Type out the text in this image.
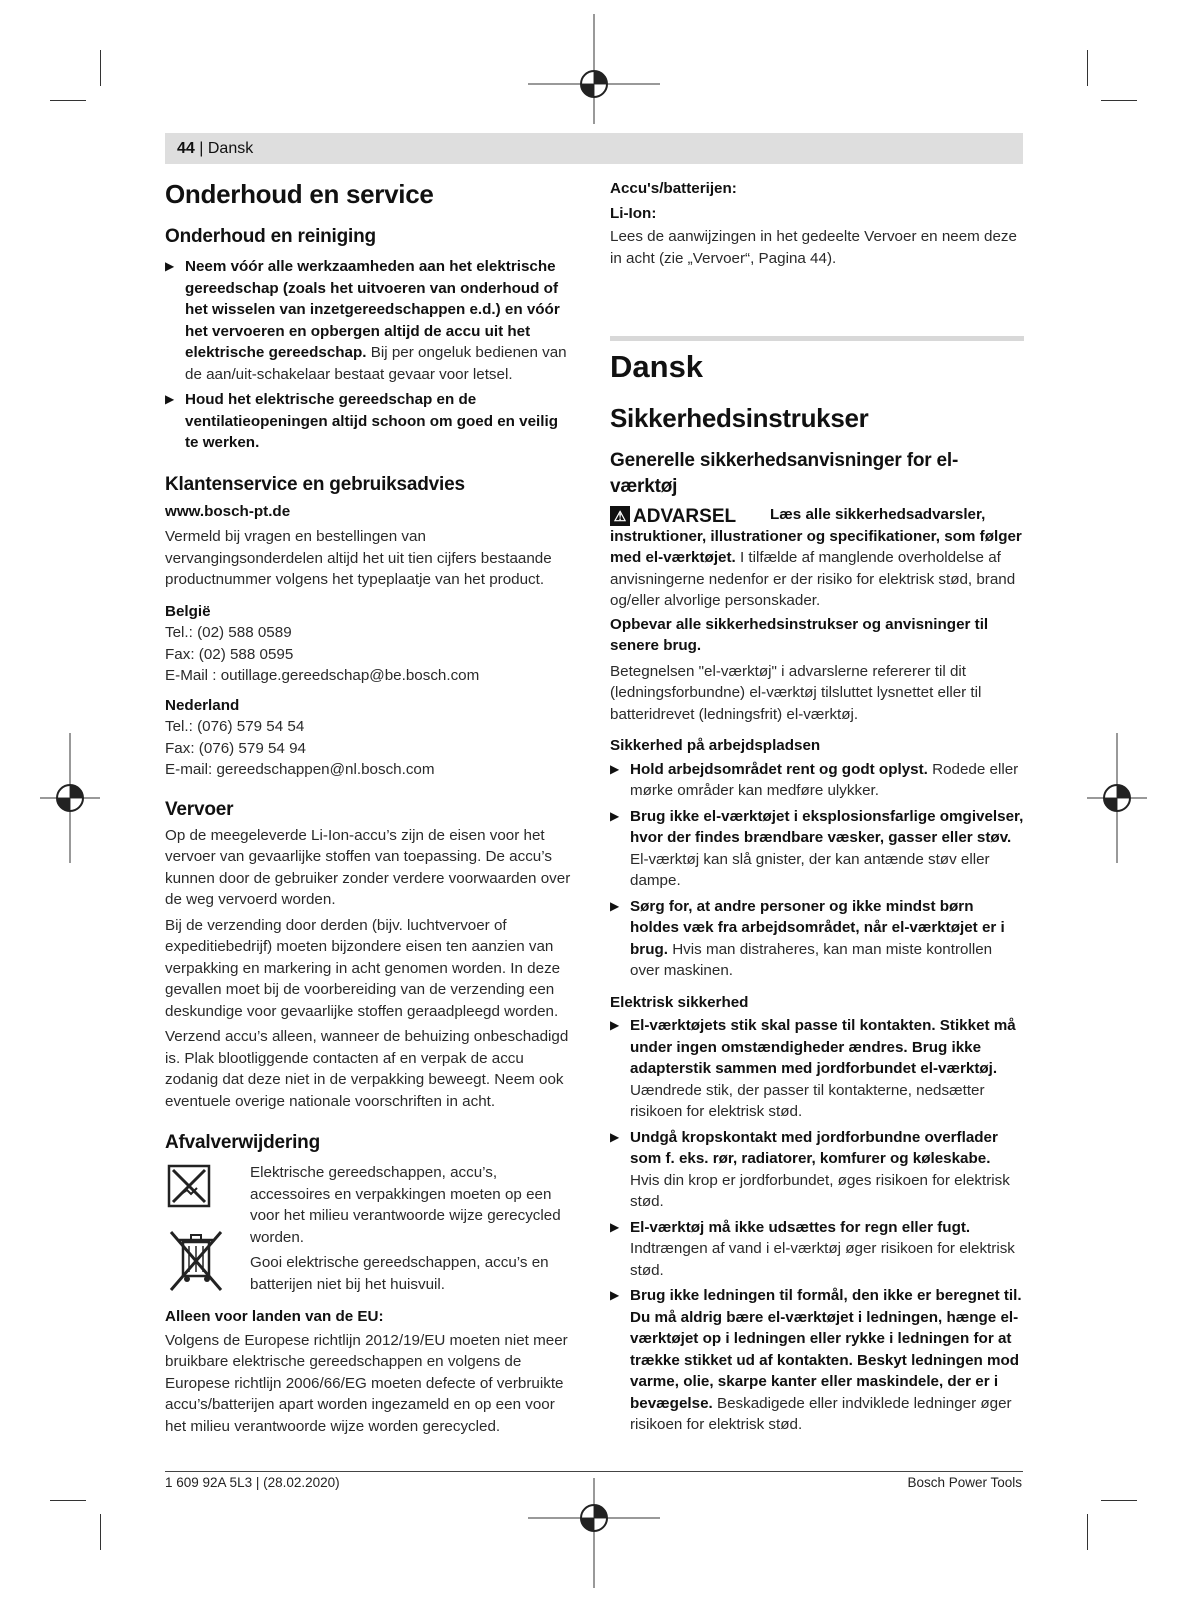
44 | Dansk
Onderhoud en service
Onderhoud en reiniging

▶ Neem vóór alle werkzaamheden aan het elektrische gereedschap (zoals het uitvoeren van onderhoud of het wisselen van inzetgereedschappen e.d.) en vóór het vervoeren en opbergen altijd de accu uit het elektrische gereedschap. Bij per ongeluk bedienen van de aan/uit-schakelaar bestaat gevaar voor letsel.

▶ Houd het elektrische gereedschap en de ventilatieopeningen altijd schoon om goed en veilig te werken.

Klantenservice en gebruiksadvies

www.bosch-pt.de

Vermeld bij vragen en bestellingen van vervangingsonderdelen altijd het uit tien cijfers bestaande productnummer volgens het typeplaatje van het product.

België

Tel.: (02) 588 0589
Fax: (02) 588 0595
E-Mail : outillage.gereedschap@be.bosch.com

Nederland

Tel.: (076) 579 54 54
Fax: (076) 579 54 94
E-mail: gereedschappen@nl.bosch.com
Vervoer

Op de meegeleverde Li-Ion-accu’s zijn de eisen voor het vervoer van gevaarlijke stoffen van toepassing. De accu’s kunnen door de gebruiker zonder verdere voorwaarden over de weg vervoerd worden.

Bij de verzending door derden (bijv. luchtvervoer of expeditiebedrijf) moeten bijzondere eisen ten aanzien van verpakking en markering in acht genomen worden. In deze gevallen moet bij de voorbereiding van de verzending een deskundige voor gevaarlijke stoffen geraadpleegd worden.

Verzend accu’s alleen, wanneer de behuizing onbeschadigd is. Plak blootliggende contacten af en verpak de accu zodanig dat deze niet in de verpakking beweegt. Neem ook eventuele overige nationale voorschriften in acht.

Afvalverwijdering

Elektrische gereedschappen, accu’s, accessoires en verpakkingen moeten op een voor het milieu verantwoorde wijze gerecycled worden.

Gooi elektrische gereedschappen, accu’s en batterijen niet bij het huisvuil.

Alleen voor landen van de EU:

Volgens de Europese richtlijn 2012/19/EU moeten niet meer bruikbare elektrische gereedschappen en volgens de Europese richtlijn 2006/66/EG moeten defecte of verbruikte accu’s/batterijen apart worden ingezameld en op een voor het milieu verantwoorde wijze worden gerecycled.

Accu's/batterijen:

Li-Ion:

Lees de aanwijzingen in het gedeelte Vervoer en neem deze in acht (zie „Vervoer“, Pagina 44).

Dansk
Sikkerhedsinstrukser
Generelle sikkerhedsanvisninger for el-værktøj
⚠ ADVARSEL	Læs alle sikkerhedsadvarsler, instruktioner, illustrationer og specifikationer, som følger med el-værktøjet. I tilfælde af manglende overholdelse af anvisningerne nedenfor er der risiko for elektrisk stød, brand og/eller alvorlige personskader.

Opbevar alle sikkerhedsinstrukser og anvisninger til senere brug.

Betegnelsen "el-værktøj" i advarslerne refererer til dit (ledningsforbundne) el-værktøj tilsluttet lysnettet eller til batteridrevet (ledningsfrit) el-værktøj.

Sikkerhed på arbejdspladsen

▶ Hold arbejdsområdet rent og godt oplyst. Rodede eller mørke områder kan medføre ulykker.

▶ Brug ikke el-værktøjet i eksplosionsfarlige omgivelser, hvor der findes brændbare væsker, gasser eller støv. El-værktøj kan slå gnister, der kan antænde støv eller dampe.

▶ Sørg for, at andre personer og ikke mindst børn holdes væk fra arbejdsområdet, når el-værktøjet er i brug. Hvis man distraheres, kan man miste kontrollen over maskinen.

Elektrisk sikkerhed

▶ El-værktøjets stik skal passe til kontakten. Stikket må under ingen omstændigheder ændres. Brug ikke adapterstik sammen med jordforbundet el-værktøj. Uændrede stik, der passer til kontakterne, nedsætter risikoen for elektrisk stød.

▶ Undgå kropskontakt med jordforbundne overflader som f. eks. rør, radiatorer, komfurer og køleskabe. Hvis din krop er jordforbundet, øges risikoen for elektrisk stød.

▶ El-værktøj må ikke udsættes for regn eller fugt. Indtrængen af vand i el-værktøj øger risikoen for elektrisk stød.

▶ Brug ikke ledningen til formål, den ikke er beregnet til. Du må aldrig bære el-værktøjet i ledningen, hænge el-værktøjet op i ledningen eller rykke i ledningen for at trække stikket ud af kontakten. Beskyt ledningen mod varme, olie, skarpe kanter eller maskindele, der er i bevægelse. Beskadigede eller indviklede ledninger øger risikoen for elektrisk stød.

1 609 92A 5L3 | (28.02.2020)	Bosch Power Tools
